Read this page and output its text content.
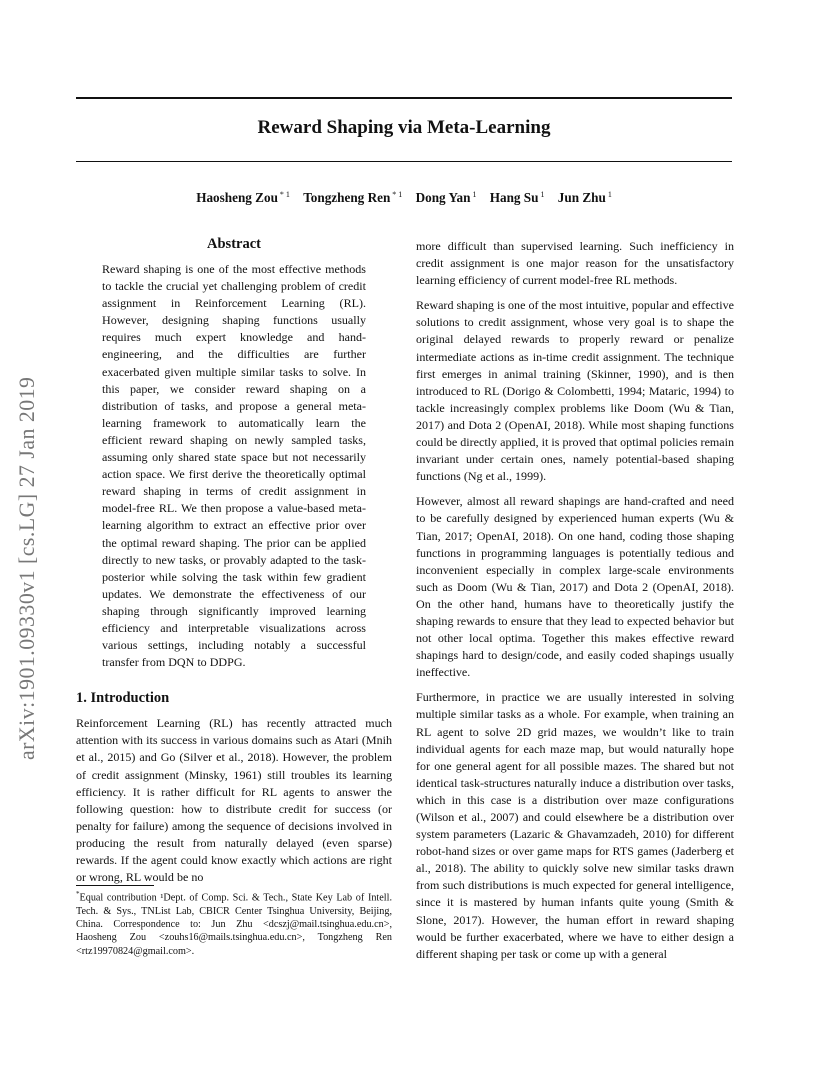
Reward Shaping via Meta-Learning
Haosheng Zou $^{* 1}$ Tongzheng Ren $^{* 1}$ Dong Yan $^1$ Hang Su $^1$ Jun Zhu $^1$
arXiv:1901.09330v1 [cs.LG] 27 Jan 2019
Abstract

Reward shaping is one of the most effective methods to tackle the crucial yet challenging problem of credit assignment in Reinforcement Learning (RL). However, designing shaping functions usually requires much expert knowledge and hand-engineering, and the difficulties are further exacerbated given multiple similar tasks to solve. In this paper, we consider reward shaping on a distribution of tasks, and propose a general meta-learning framework to automatically learn the efficient reward shaping on newly sampled tasks, assuming only shared state space but not necessarily action space. We first derive the theoretically optimal reward shaping in terms of credit assignment in model-free RL. We then propose a value-based meta-learning algorithm to extract an effective prior over the optimal reward shaping. The prior can be applied directly to new tasks, or provably adapted to the task-posterior while solving the task within few gradient updates. We demonstrate the effectiveness of our shaping through significantly improved learning efficiency and interpretable visualizations across various settings, including notably a successful transfer from DQN to DDPG.

1. Introduction

Reinforcement Learning (RL) has recently attracted much attention with its success in various domains such as Atari (Mnih et al., 2015) and Go (Silver et al., 2018). However, the problem of credit assignment (Minsky, 1961) still troubles its learning efficiency. It is rather difficult for RL agents to answer the following question: how to distribute credit for success (or penalty for failure) among the sequence of decisions involved in producing the result from naturally delayed (even sparse) rewards. If the agent could know exactly which actions are right or wrong, RL would be no

more difficult than supervised learning. Such inefficiency in credit assignment is one major reason for the unsatisfactory learning efficiency of current model-free RL methods.

Reward shaping is one of the most intuitive, popular and effective solutions to credit assignment, whose very goal is to shape the original delayed rewards to properly reward or penalize intermediate actions as in-time credit assignment. The technique first emerges in animal training (Skinner, 1990), and is then introduced to RL (Dorigo & Colombetti, 1994; Mataric, 1994) to tackle increasingly complex problems like Doom (Wu & Tian, 2017) and Dota 2 (OpenAI, 2018). While most shaping functions could be directly applied, it is proved that optimal policies remain invariant under certain ones, namely potential-based shaping functions (Ng et al., 1999).

However, almost all reward shapings are hand-crafted and need to be carefully designed by experienced human experts (Wu & Tian, 2017; OpenAI, 2018). On one hand, coding those shaping functions in programming languages is potentially tedious and inconvenient especially in complex large-scale environments such as Doom (Wu & Tian, 2017) and Dota 2 (OpenAI, 2018). On the other hand, humans have to theoretically justify the shaping rewards to ensure that they lead to expected behavior but not other local optima. Together this makes effective reward shapings hard to design/code, and easily coded shapings usually ineffective.

Furthermore, in practice we are usually interested in solving multiple similar tasks as a whole. For example, when training an RL agent to solve 2D grid mazes, we wouldn’t like to train individual agents for each maze map, but would naturally hope for one general agent for all possible mazes. The shared but not identical task-structures naturally induce a distribution over tasks, which in this case is a distribution over maze configurations (Wilson et al., 2007) and could elsewhere be a distribution over system parameters (Lazaric & Ghavamzadeh, 2010) for different robot-hand sizes or over game maps for RTS games (Jaderberg et al., 2018). The ability to quickly solve new similar tasks drawn from such distributions is much expected for general intelligence, since it is mastered by human infants quite young (Smith & Slone, 2017). However, the human effort in reward shaping would be further exacerbated, where we have to either design a different shaping per task or come up with a general

*Equal contribution ¹Dept. of Comp. Sci. & Tech., State Key Lab of Intell. Tech. & Sys., TNList Lab, CBICR Center Tsinghua University, Beijing, China. Correspondence to: Jun Zhu <dcszj@mail.tsinghua.edu.cn>, Haosheng Zou <zouhs16@mails.tsinghua.edu.cn>, Tongzheng Ren <rtz19970824@gmail.com>.
